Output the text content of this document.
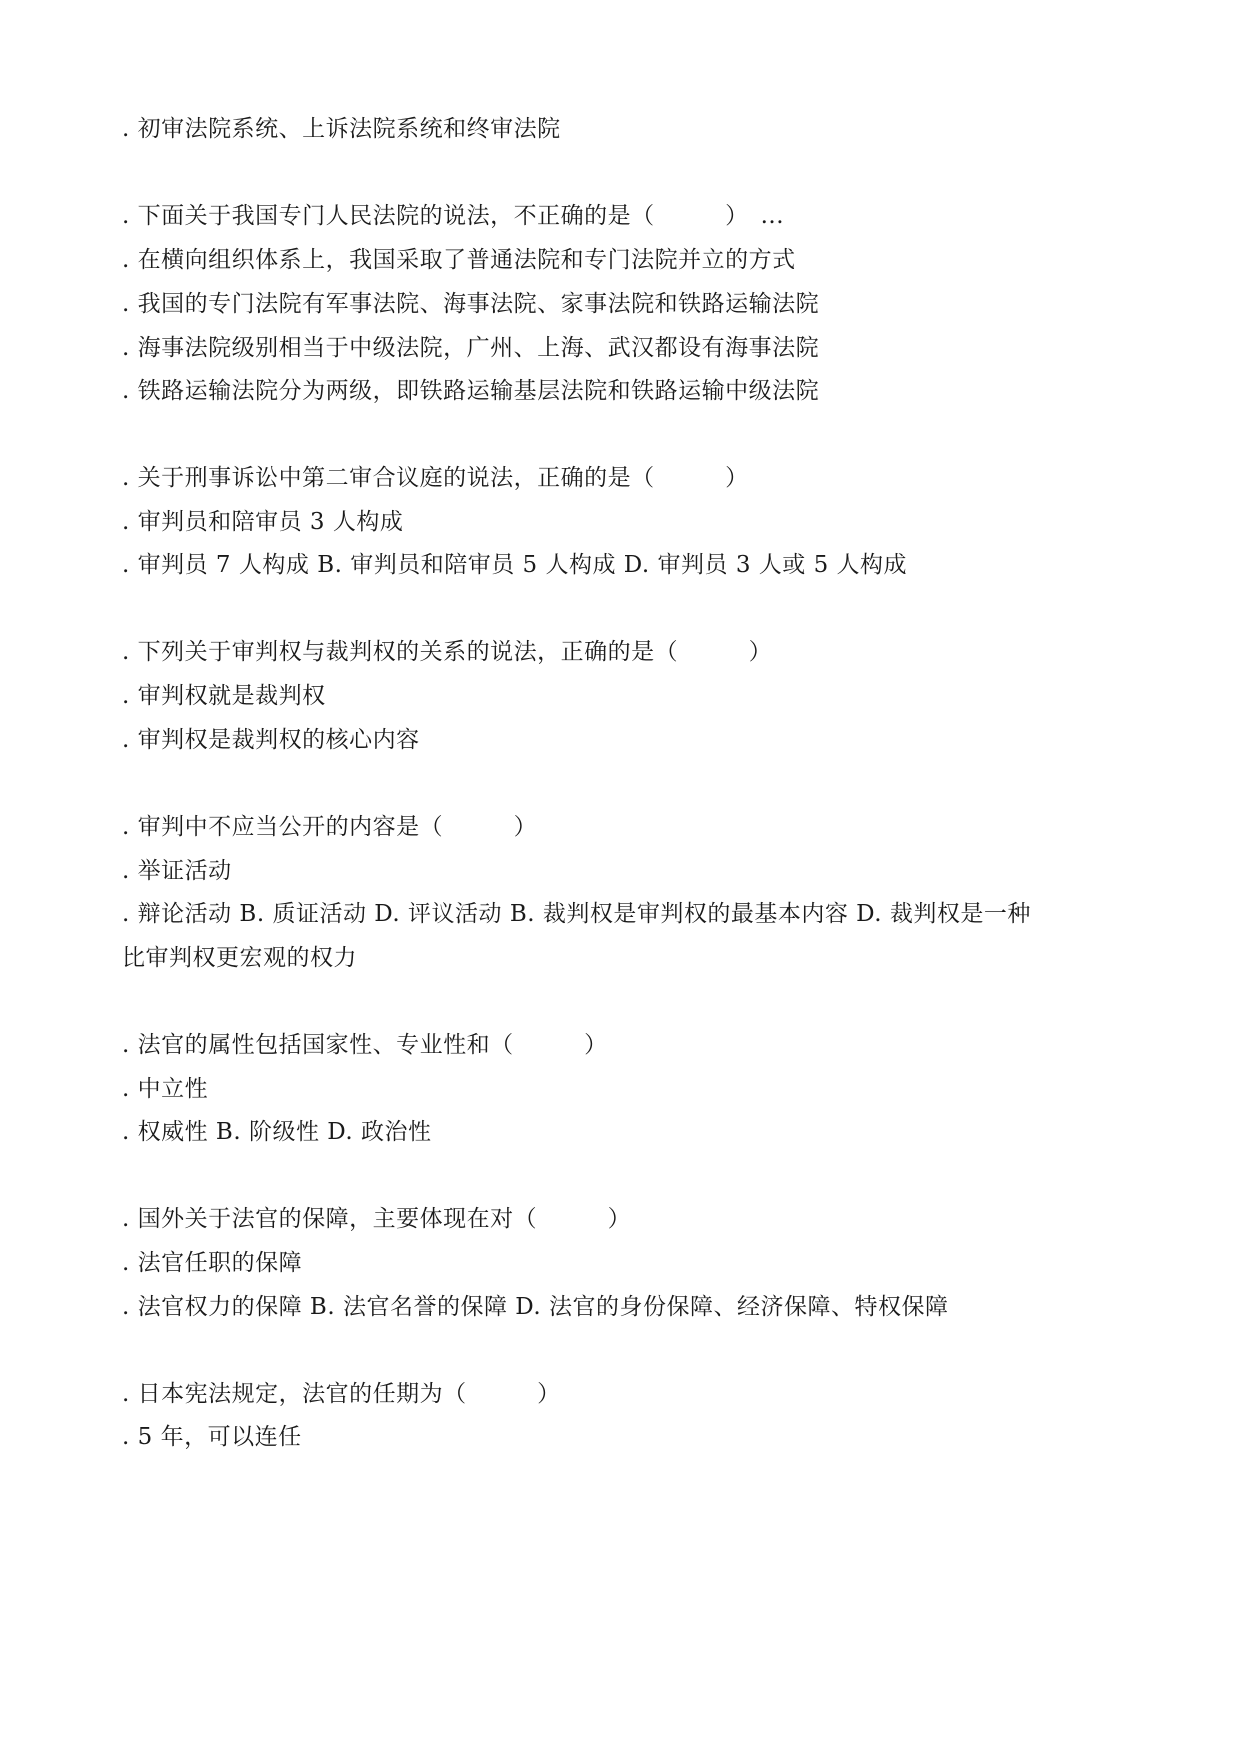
. 初审法院系统、上诉法院系统和终审法院
. 下面关于我国专门人民法院的说法，不正确的是（　　　）　...
. 在横向组织体系上，我国采取了普通法院和专门法院并立的方式
. 我国的专门法院有军事法院、海事法院、家事法院和铁路运输法院
. 海事法院级别相当于中级法院，广州、上海、武汉都设有海事法院
. 铁路运输法院分为两级，即铁路运输基层法院和铁路运输中级法院
. 关于刑事诉讼中第二审合议庭的说法，正确的是（　　　）
. 审判员和陪审员 3 人构成
. 审判员 7 人构成 B. 审判员和陪审员 5 人构成 D. 审判员 3 人或 5 人构成
. 下列关于审判权与裁判权的关系的说法，正确的是（　　　）
. 审判权就是裁判权
. 审判权是裁判权的核心内容
. 审判中不应当公开的内容是（　　　）
. 举证活动
. 辩论活动 B. 质证活动 D. 评议活动 B. 裁判权是审判权的最基本内容 D. 裁判权是一种
比审判权更宏观的权力
. 法官的属性包括国家性、专业性和（　　　）
. 中立性
. 权威性 B. 阶级性 D. 政治性
. 国外关于法官的保障，主要体现在对（　　　）
. 法官任职的保障
. 法官权力的保障 B. 法官名誉的保障 D. 法官的身份保障、经济保障、特权保障
. 日本宪法规定，法官的任期为（　　　）
. 5 年，可以连任
